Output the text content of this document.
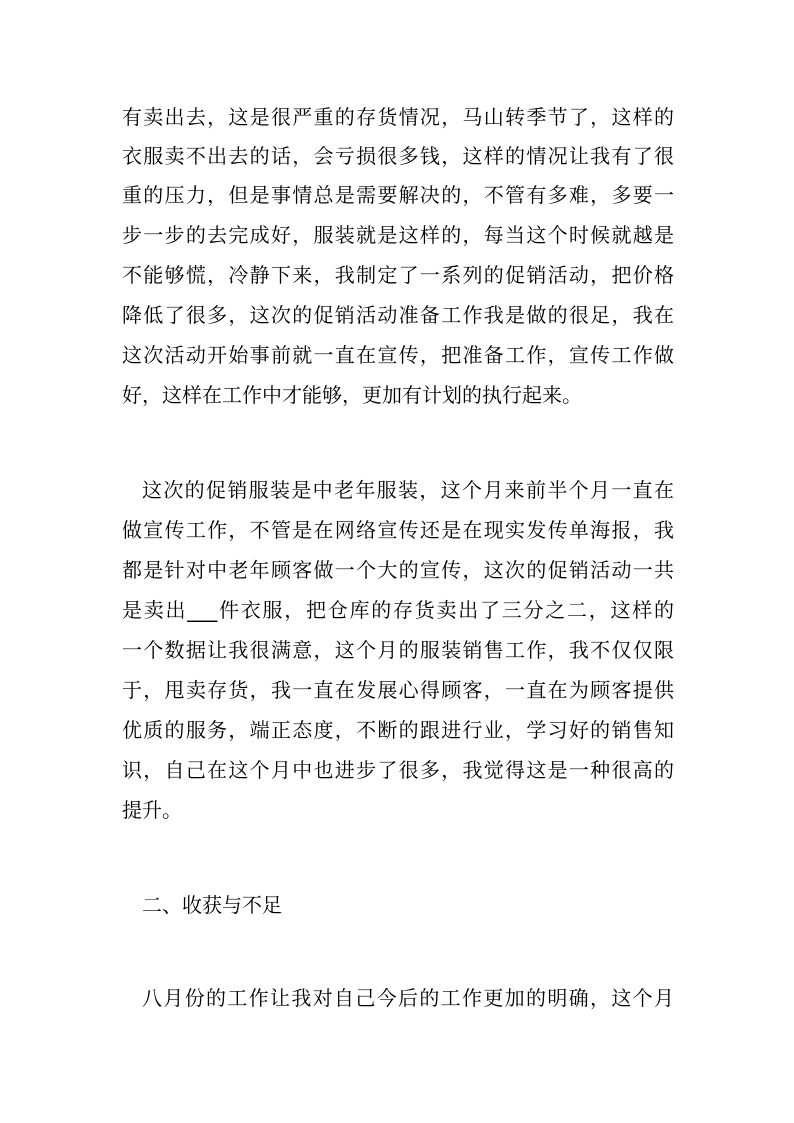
有卖出去，这是很严重的存货情况，马山转季节了，这样的
衣服卖不出去的话，会亏损很多钱，这样的情况让我有了很
重的压力，但是事情总是需要解决的，不管有多难，多要一
步一步的去完成好，服装就是这样的，每当这个时候就越是
不能够慌，冷静下来，我制定了一系列的促销活动，把价格
降低了很多，这次的促销活动准备工作我是做的很足，我在
这次活动开始事前就一直在宣传，把准备工作，宣传工作做
好，这样在工作中才能够，更加有计划的执行起来。
这次的促销服装是中老年服装，这个月来前半个月一直在
做宣传工作，不管是在网络宣传还是在现实发传单海报，我
都是针对中老年顾客做一个大的宣传，这次的促销活动一共
是卖出___件衣服，把仓库的存货卖出了三分之二，这样的
一个数据让我很满意，这个月的服装销售工作，我不仅仅限
于，甩卖存货，我一直在发展心得顾客，一直在为顾客提供
优质的服务，端正态度，不断的跟进行业，学习好的销售知
识，自己在这个月中也进步了很多，我觉得这是一种很高的
提升。
二、收获与不足
八月份的工作让我对自己今后的工作更加的明确，这个月
